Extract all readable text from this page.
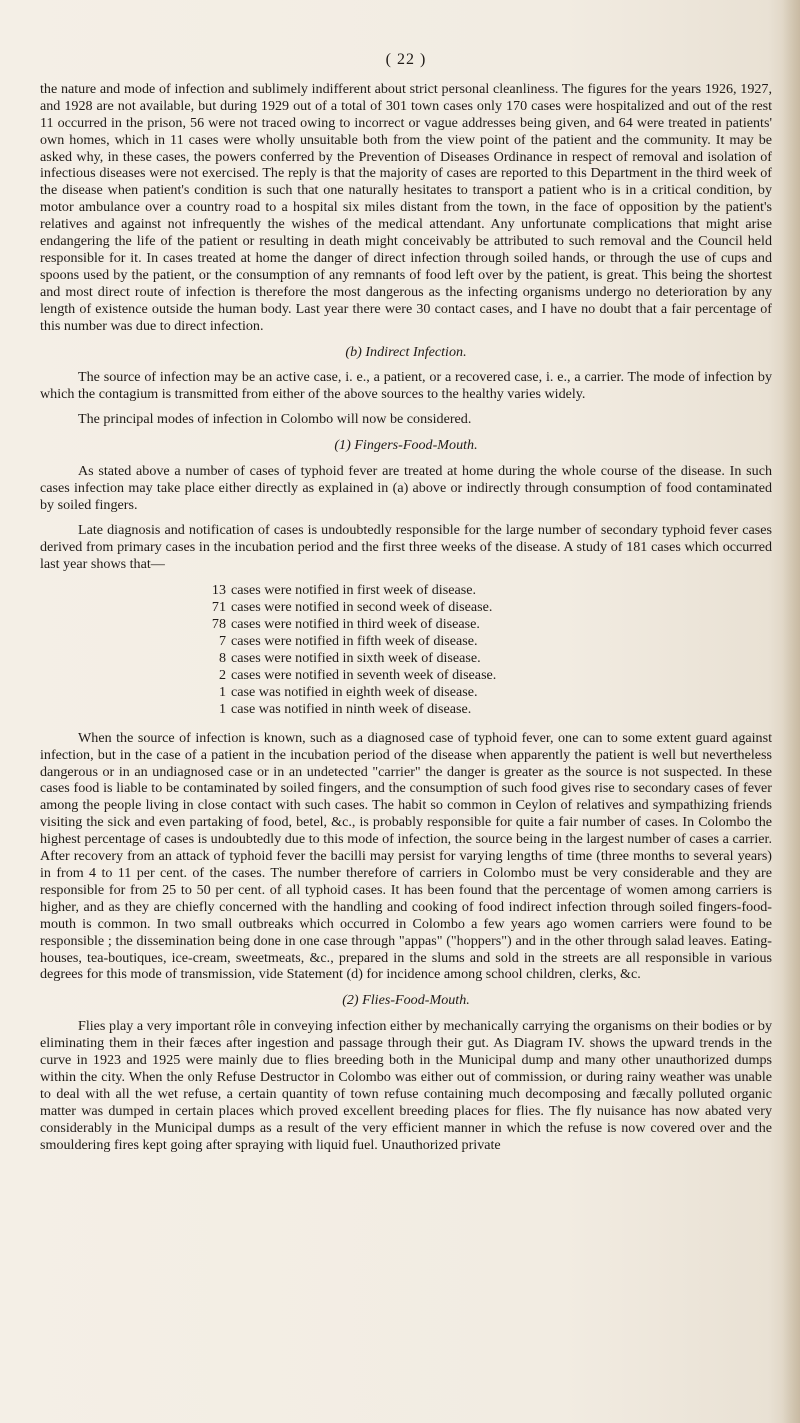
( 22 )

the nature and mode of infection and sublimely indifferent about strict personal cleanliness. The figures for the years 1926, 1927, and 1928 are not available, but during 1929 out of a total of 301 town cases only 170 cases were hospitalized and out of the rest 11 occurred in the prison, 56 were not traced owing to incorrect or vague addresses being given, and 64 were treated in patients' own homes, which in 11 cases were wholly unsuitable both from the view point of the patient and the community. It may be asked why, in these cases, the powers conferred by the Prevention of Diseases Ordinance in respect of removal and isolation of infectious diseases were not exercised. The reply is that the majority of cases are reported to this Department in the third week of the disease when patient's condition is such that one naturally hesitates to transport a patient who is in a critical condition, by motor ambulance over a country road to a hospital six miles distant from the town, in the face of opposition by the patient's relatives and against not infrequently the wishes of the medical attendant. Any unfortunate complications that might arise endangering the life of the patient or resulting in death might conceivably be attributed to such removal and the Council held responsible for it. In cases treated at home the danger of direct infection through soiled hands, or through the use of cups and spoons used by the patient, or the consumption of any remnants of food left over by the patient, is great. This being the shortest and most direct route of infection is therefore the most dangerous as the infecting organisms undergo no deterioration by any length of existence outside the human body. Last year there were 30 contact cases, and I have no doubt that a fair percentage of this number was due to direct infection.

(b) Indirect Infection.

The source of infection may be an active case, i. e., a patient, or a recovered case, i. e., a carrier. The mode of infection by which the contagium is transmitted from either of the above sources to the healthy varies widely.

The principal modes of infection in Colombo will now be considered.

(1) Fingers-Food-Mouth.

As stated above a number of cases of typhoid fever are treated at home during the whole course of the disease. In such cases infection may take place either directly as explained in (a) above or indirectly through consumption of food contaminated by soiled fingers.

Late diagnosis and notification of cases is undoubtedly responsible for the large number of secondary typhoid fever cases derived from primary cases in the incubation period and the first three weeks of the disease. A study of 181 cases which occurred last year shows that—

13 cases were notified in first week of disease.
71 cases were notified in second week of disease.
78 cases were notified in third week of disease.
7 cases were notified in fifth week of disease.
8 cases were notified in sixth week of disease.
2 cases were notified in seventh week of disease.
1 case was notified in eighth week of disease.
1 case was notified in ninth week of disease.

When the source of infection is known, such as a diagnosed case of typhoid fever, one can to some extent guard against infection, but in the case of a patient in the incubation period of the disease when apparently the patient is well but nevertheless dangerous or in an undiagnosed case or in an undetected "carrier" the danger is greater as the source is not suspected. In these cases food is liable to be contaminated by soiled fingers, and the consumption of such food gives rise to secondary cases of fever among the people living in close contact with such cases. The habit so common in Ceylon of relatives and sympathizing friends visiting the sick and even partaking of food, betel, &c., is probably responsible for quite a fair number of cases. In Colombo the highest percentage of cases is undoubtedly due to this mode of infection, the source being in the largest number of cases a carrier. After recovery from an attack of typhoid fever the bacilli may persist for varying lengths of time (three months to several years) in from 4 to 11 per cent. of the cases. The number therefore of carriers in Colombo must be very considerable and they are responsible for from 25 to 50 per cent. of all typhoid cases. It has been found that the percentage of women among carriers is higher, and as they are chiefly concerned with the handling and cooking of food indirect infection through soiled fingers-food-mouth is common. In two small outbreaks which occurred in Colombo a few years ago women carriers were found to be responsible ; the dissemination being done in one case through "appas" ("hoppers") and in the other through salad leaves. Eating-houses, tea-boutiques, ice-cream, sweetmeats, &c., prepared in the slums and sold in the streets are all responsible in various degrees for this mode of transmission, vide Statement (d) for incidence among school children, clerks, &c.

(2) Flies-Food-Mouth.

Flies play a very important rôle in conveying infection either by mechanically carrying the organisms on their bodies or by eliminating them in their fæces after ingestion and passage through their gut. As Diagram IV. shows the upward trends in the curve in 1923 and 1925 were mainly due to flies breeding both in the Municipal dump and many other unauthorized dumps within the city. When the only Refuse Destructor in Colombo was either out of commission, or during rainy weather was unable to deal with all the wet refuse, a certain quantity of town refuse containing much decomposing and fæcally polluted organic matter was dumped in certain places which proved excellent breeding places for flies. The fly nuisance has now abated very considerably in the Municipal dumps as a result of the very efficient manner in which the refuse is now covered over and the smouldering fires kept going after spraying with liquid fuel. Unauthorized private
